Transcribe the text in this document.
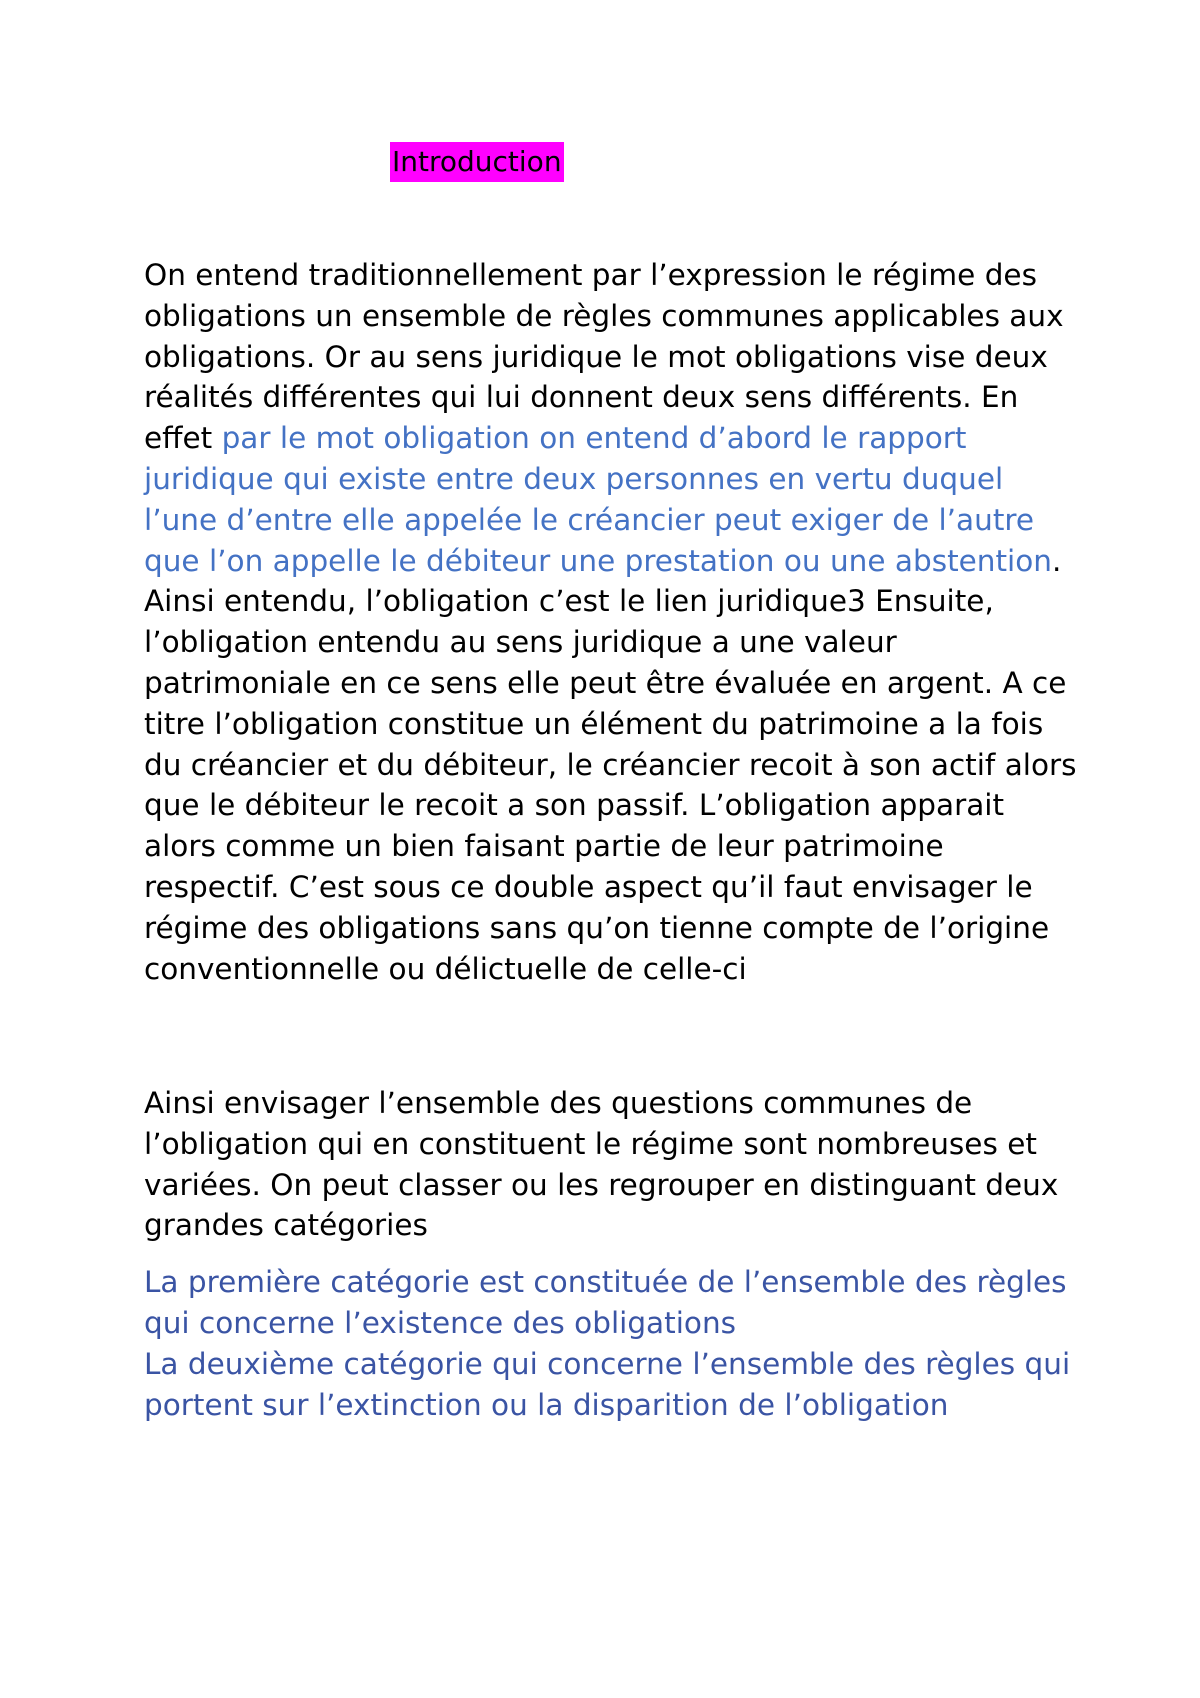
Introduction
On entend traditionnellement par l’expression le régime des obligations un ensemble de règles communes applicables aux obligations. Or au sens juridique le mot obligations vise deux réalités différentes qui lui donnent deux sens différents. En effet par le mot obligation on entend d’abord le rapport juridique qui existe entre deux personnes en vertu duquel l’une d’entre elle appelée le créancier peut exiger de l’autre que l’on appelle le débiteur une prestation ou une abstention. Ainsi entendu, l’obligation c’est le lien juridique3 Ensuite, l’obligation entendu au sens juridique a une valeur patrimoniale en ce sens elle peut être évaluée en argent. A ce titre l’obligation constitue un élément du patrimoine a la fois du créancier et du débiteur, le créancier recoit à son actif alors que le débiteur le recoit a son passif. L’obligation apparait alors comme un bien faisant partie de leur patrimoine respectif. C’est sous ce double aspect qu’il faut envisager le régime des obligations sans qu’on tienne compte de l’origine conventionnelle ou délictuelle de celle-ci
Ainsi envisager l’ensemble des questions communes de l’obligation qui en constituent le régime sont nombreuses et variées. On peut classer ou les regrouper en distinguant deux grandes catégories
La première catégorie est constituée de l’ensemble des règles qui concerne l’existence des obligations
La deuxième catégorie qui concerne l’ensemble des règles qui portent sur l’extinction ou la disparition de l’obligation
